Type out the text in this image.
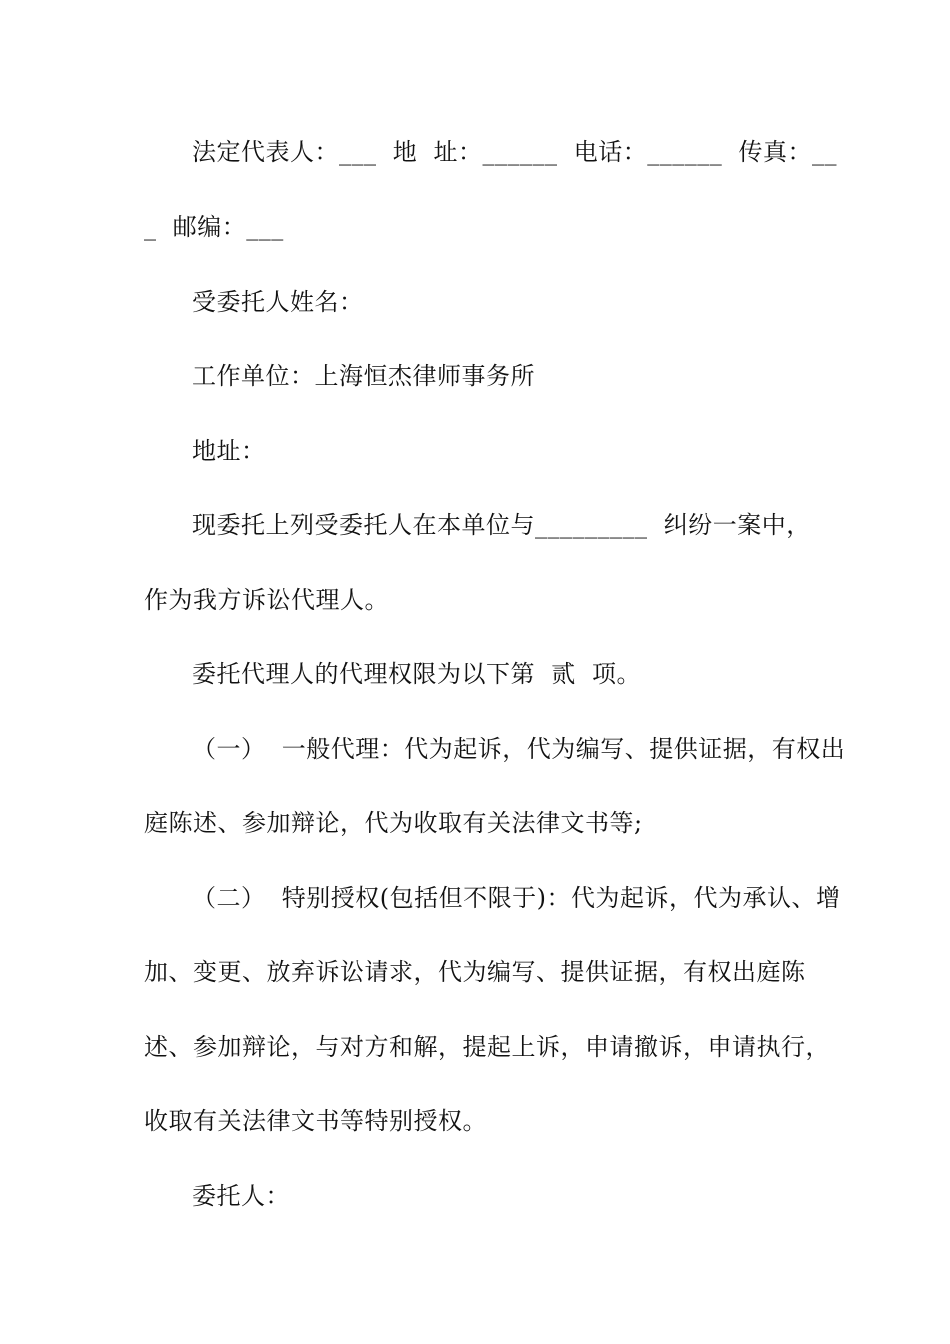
法定代表人：___  地  址：______  电话：______  传真：__
_  邮编：___
受委托人姓名：
工作单位：上海恒杰律师事务所
地址：
现委托上列受委托人在本单位与_________  纠纷一案中，
作为我方诉讼代理人。
委托代理人的代理权限为以下第  贰  项。
（一）  一般代理：代为起诉，代为编写、提供证据，有权出
庭陈述、参加辩论，代为收取有关法律文书等;
（二）  特别授权(包括但不限于)：代为起诉，代为承认、增
加、变更、放弃诉讼请求，代为编写、提供证据，有权出庭陈
述、参加辩论，与对方和解，提起上诉，申请撤诉，申请执行，
收取有关法律文书等特别授权。
委托人：
